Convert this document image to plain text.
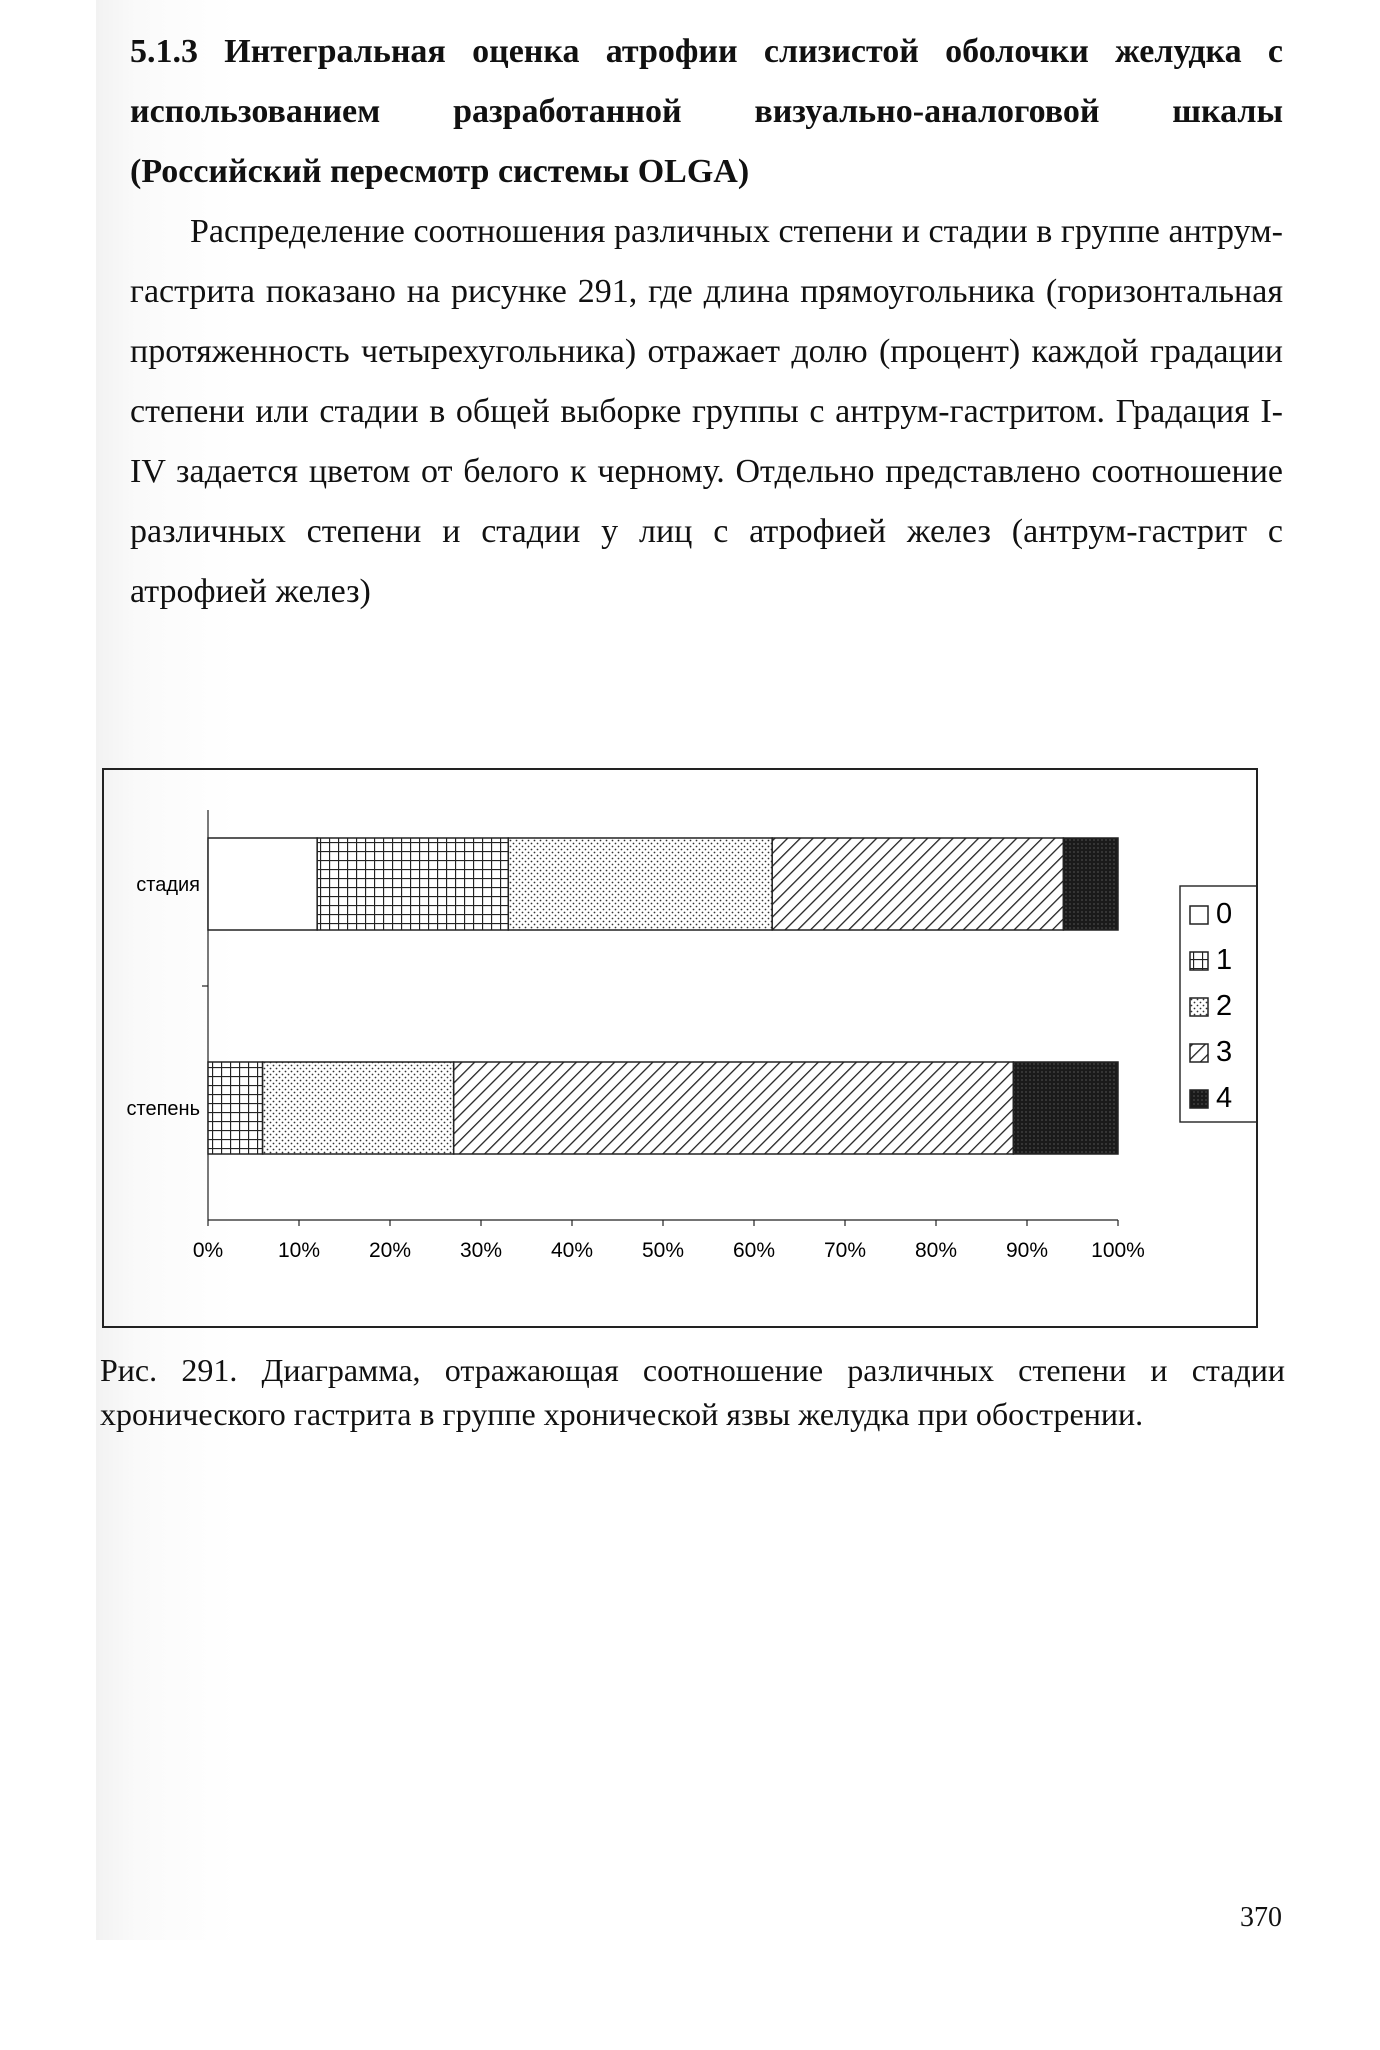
5.1.3 Интегральная оценка атрофии слизистой оболочки желудка с
использованием разработанной визуально-аналоговой шкалы
(Российский пересмотр системы OLGA)

Распределение соотношения различных степени и стадии в группе антрум-гастрита показано на рисунке 291, где длина прямоугольника (горизонтальная протяженность четырехугольника) отражает долю (процент) каждой градации степени или стадии в общей выборке группы с антрум-гастритом. Градация I-IV задается цветом от белого к черному. Отдельно представлено соотношение различных степени и стадии у лиц с атрофией желез (антрум-гастрит с атрофией желез)

стадия
степень
0%	10% 20% 30% 40% 50% 60% 70% 80% 90% 100%
0
1
2
3
4
Рис. 291. Диаграмма, отражающая соотношение различных степени и стадии хронического гастрита в группе хронической язвы желудка при обострении.
370
